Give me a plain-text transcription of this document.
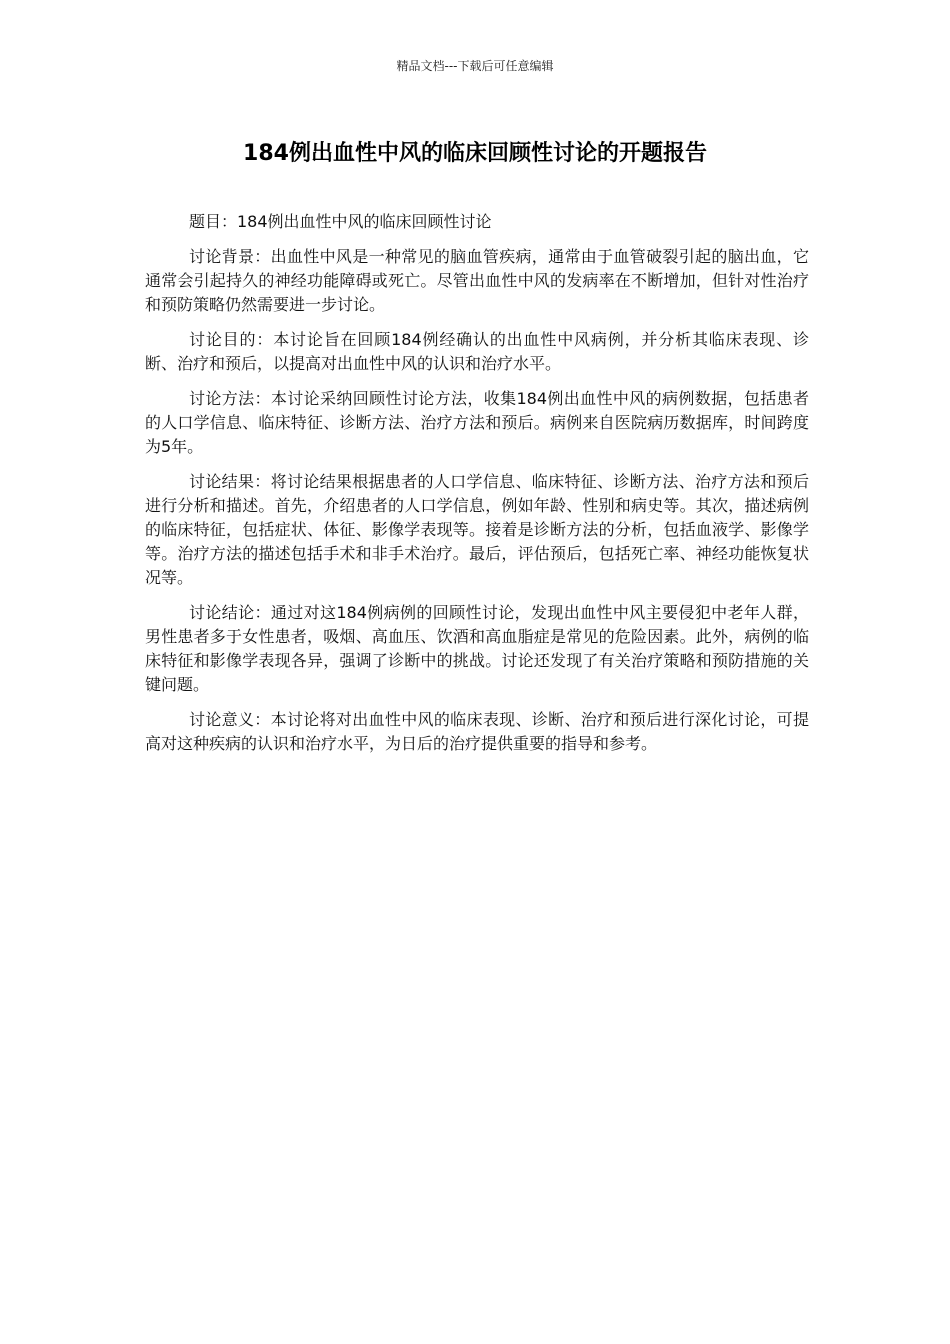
精品文档---下载后可任意编辑
184例出血性中风的临床回顾性讨论的开题报告

题目：184例出血性中风的临床回顾性讨论

讨论背景：出血性中风是一种常见的脑血管疾病，通常由于血管破裂引起的脑出血，它通常会引起持久的神经功能障碍或死亡。尽管出血性中风的发病率在不断增加，但针对性治疗和预防策略仍然需要进一步讨论。

讨论目的：本讨论旨在回顾184例经确认的出血性中风病例，并分析其临床表现、诊断、治疗和预后，以提高对出血性中风的认识和治疗水平。

讨论方法：本讨论采纳回顾性讨论方法，收集184例出血性中风的病例数据，包括患者的人口学信息、临床特征、诊断方法、治疗方法和预后。病例来自医院病历数据库，时间跨度为5年。

讨论结果：将讨论结果根据患者的人口学信息、临床特征、诊断方法、治疗方法和预后进行分析和描述。首先，介绍患者的人口学信息，例如年龄、性别和病史等。其次，描述病例的临床特征，包括症状、体征、影像学表现等。接着是诊断方法的分析，包括血液学、影像学等。治疗方法的描述包括手术和非手术治疗。最后，评估预后，包括死亡率、神经功能恢复状况等。

讨论结论：通过对这184例病例的回顾性讨论，发现出血性中风主要侵犯中老年人群，男性患者多于女性患者，吸烟、高血压、饮酒和高血脂症是常见的危险因素。此外，病例的临床特征和影像学表现各异，强调了诊断中的挑战。讨论还发现了有关治疗策略和预防措施的关键问题。

讨论意义：本讨论将对出血性中风的临床表现、诊断、治疗和预后进行深化讨论，可提高对这种疾病的认识和治疗水平，为日后的治疗提供重要的指导和参考。
